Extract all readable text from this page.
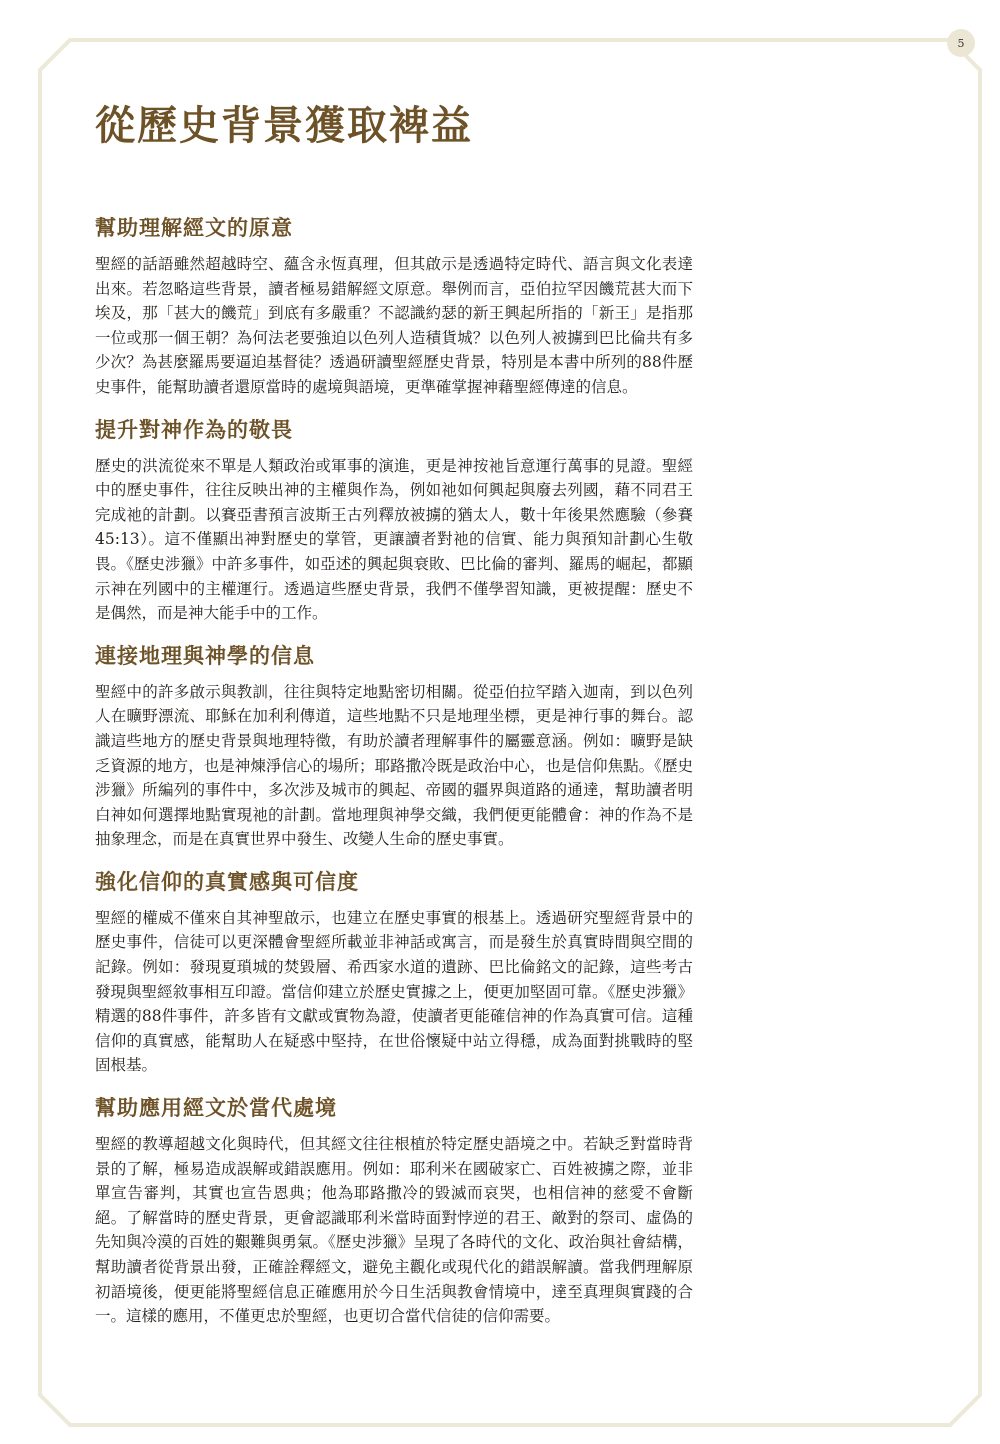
5
從歷史背景獲取裨益
幫助理解經文的原意

聖經的話語雖然超越時空、蘊含永恆真理，但其啟示是透過特定時代、語言與文化表達出來。若忽略這些背景，讀者極易錯解經文原意。舉例而言，亞伯拉罕因饑荒甚大而下埃及，那「甚大的饑荒」到底有多嚴重？不認識約瑟的新王興起所指的「新王」是指那一位或那一個王朝？為何法老要強迫以色列人造積貨城？以色列人被擄到巴比倫共有多少次？為甚麼羅馬要逼迫基督徒？透過研讀聖經歷史背景，特別是本書中所列的88件歷史事件，能幫助讀者還原當時的處境與語境，更準確掌握神藉聖經傳達的信息。

提升對神作為的敬畏

歷史的洪流從來不單是人類政治或軍事的演進，更是神按祂旨意運行萬事的見證。聖經中的歷史事件，往往反映出神的主權與作為，例如祂如何興起與廢去列國，藉不同君王完成祂的計劃。以賽亞書預言波斯王古列釋放被擄的猶太人，數十年後果然應驗（參賽45:13）。這不僅顯出神對歷史的掌管，更讓讀者對祂的信實、能力與預知計劃心生敬畏。《歷史涉獵》中許多事件，如亞述的興起與衰敗、巴比倫的審判、羅馬的崛起，都顯示神在列國中的主權運行。透過這些歷史背景，我們不僅學習知識，更被提醒：歷史不是偶然，而是神大能手中的工作。

連接地理與神學的信息

聖經中的許多啟示與教訓，往往與特定地點密切相關。從亞伯拉罕踏入迦南，到以色列人在曠野漂流、耶穌在加利利傳道，這些地點不只是地理坐標，更是神行事的舞台。認識這些地方的歷史背景與地理特徵，有助於讀者理解事件的屬靈意涵。例如：曠野是缺乏資源的地方，也是神煉淨信心的場所；耶路撒冷既是政治中心，也是信仰焦點。《歷史涉獵》所編列的事件中，多次涉及城市的興起、帝國的疆界與道路的通達，幫助讀者明白神如何選擇地點實現祂的計劃。當地理與神學交織，我們便更能體會：神的作為不是抽象理念，而是在真實世界中發生、改變人生命的歷史事實。

強化信仰的真實感與可信度

聖經的權威不僅來自其神聖啟示，也建立在歷史事實的根基上。透過研究聖經背景中的歷史事件，信徒可以更深體會聖經所載並非神話或寓言，而是發生於真實時間與空間的記錄。例如：發現夏瑣城的焚毀層、希西家水道的遺跡、巴比倫銘文的記錄，這些考古發現與聖經敘事相互印證。當信仰建立於歷史實據之上，便更加堅固可靠。《歷史涉獵》精選的88件事件，許多皆有文獻或實物為證，使讀者更能確信神的作為真實可信。這種信仰的真實感，能幫助人在疑惑中堅持，在世俗懷疑中站立得穩，成為面對挑戰時的堅固根基。

幫助應用經文於當代處境

聖經的教導超越文化與時代，但其經文往往根植於特定歷史語境之中。若缺乏對當時背景的了解，極易造成誤解或錯誤應用。例如：耶利米在國破家亡、百姓被擄之際，並非單宣告審判，其實也宣告恩典；他為耶路撒冷的毀滅而哀哭，也相信神的慈愛不會斷絕。了解當時的歷史背景，更會認識耶利米當時面對悖逆的君王、敵對的祭司、虛偽的先知與冷漠的百姓的艱難與勇氣。《歷史涉獵》呈現了各時代的文化、政治與社會結構，幫助讀者從背景出發，正確詮釋經文，避免主觀化或現代化的錯誤解讀。當我們理解原初語境後，便更能將聖經信息正確應用於今日生活與教會情境中，達至真理與實踐的合一。這樣的應用，不僅更忠於聖經，也更切合當代信徒的信仰需要。
